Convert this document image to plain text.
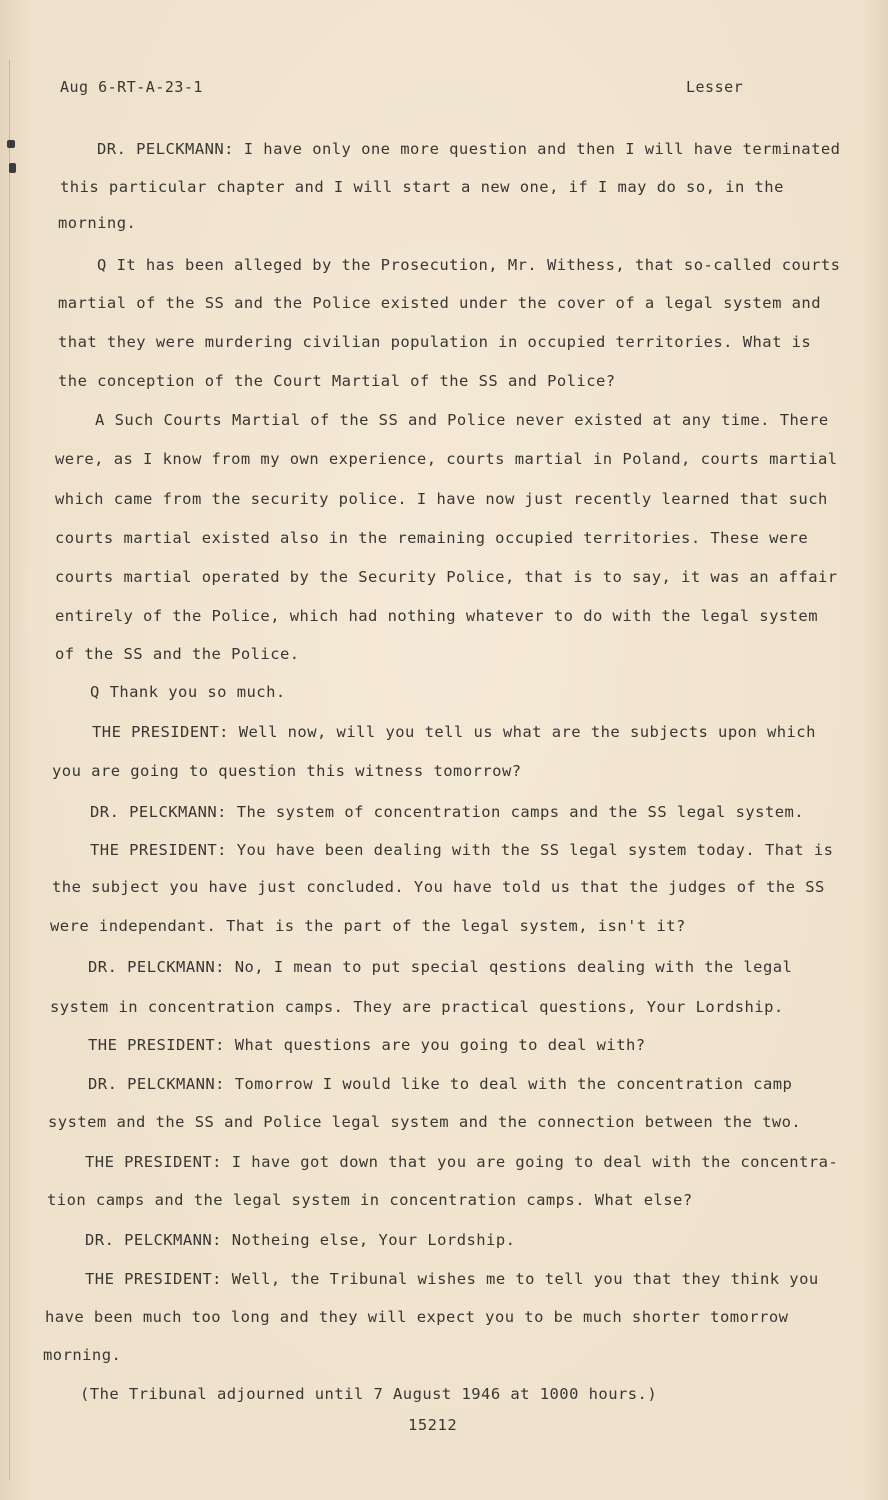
Aug 6-RT-A-23-1	Lesser
DR. PELCKMANN: I have only one more question and then I will have terminated
this particular chapter and I will start a new one, if I may do so, in the
morning.
Q It has been alleged by the Prosecution, Mr. Withess, that so-called courts
martial of the SS and the Police existed under the cover of a legal system and
that they were murdering civilian population in occupied territories. What is
the conception of the Court Martial of the SS and Police?
A Such Courts Martial of the SS and Police never existed at any time. There
were, as I know from my own experience, courts martial in Poland, courts martial
which came from the security police. I have now just recently learned that such
courts martial existed also in the remaining occupied territories. These were
courts martial operated by the Security Police, that is to say, it was an affair
entirely of the Police, which had nothing whatever to do with the legal system
of the SS and the Police.
Q Thank you so much.
THE PRESIDENT: Well now, will you tell us what are the subjects upon which
you are going to question this witness tomorrow?
DR. PELCKMANN: The system of concentration camps and the SS legal system.
THE PRESIDENT: You have been dealing with the SS legal system today. That is
the subject you have just concluded. You have told us that the judges of the SS
were independant. That is the part of the legal system, isn't it?
DR. PELCKMANN: No, I mean to put special qestions dealing with the legal
system in concentration camps. They are practical questions, Your Lordship.
THE PRESIDENT: What questions are you going to deal with?
DR. PELCKMANN: Tomorrow I would like to deal with the concentration camp
system and the SS and Police legal system and the connection between the two.
THE PRESIDENT: I have got down that you are going to deal with the concentra-
tion camps and the legal system in concentration camps. What else?
DR. PELCKMANN: Notheing else, Your Lordship.
THE PRESIDENT: Well, the Tribunal wishes me to tell you that they think you
have been much too long and they will expect you to be much shorter tomorrow
morning.
(The Tribunal adjourned until 7 August 1946 at 1000 hours.)
15212
